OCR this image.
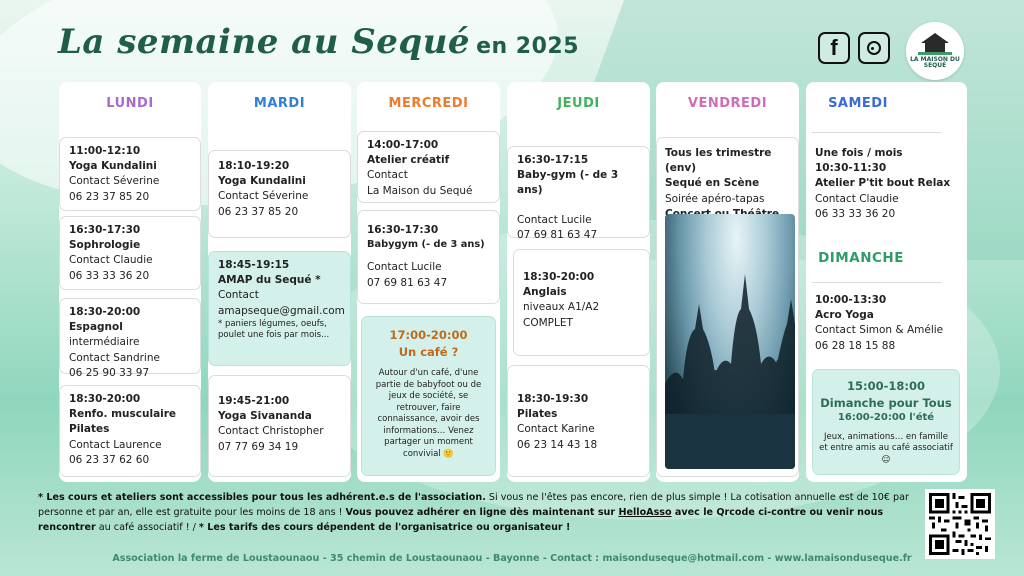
La semaine au Sequé en 2025	f	LA MAISON DU SEQUÉ
LUNDI	MARDI	MERCREDI	JEUDI	VENDREDI	SAMEDI
11:00-12:10
Yoga Kundalini
Contact Séverine
06 23 37 85 20
16:30-17:30
Sophrologie
Contact Claudie
06 33 33 36 20
18:30-20:00
Espagnol intermédiaire
Contact Sandrine
06 25 90 33 97
18:30-20:00
Renfo. musculaire
Pilates
Contact Laurence
06 23 37 62 60
18:10-19:20
Yoga Kundalini
Contact Séverine
06 23 37 85 20
18:45-19:15
AMAP du Sequé *
Contact
amapseque@gmail.com
* paniers légumes, oeufs, poulet une fois par mois...
19:45-21:00
Yoga Sivananda
Contact Christopher
07 77 69 34 19
14:00-17:00
Atelier créatif
Contact
La Maison du Sequé
16:30-17:30
Babygym (- de 3 ans)
Contact Lucile
07 69 81 63 47
17:00-20:00
Un café ?
Autour d'un café, d'une partie de babyfoot ou de jeux de société, se retrouver, faire connaissance, avoir des informations… Venez partager un moment convivial 🙂
16:30-17:15
Baby-gym (- de 3 ans)
Contact Lucile
07 69 81 63 47
18:30-20:00
Anglais
niveaux A1/A2
COMPLET
18:30-19:30
Pilates
Contact Karine
06 23 14 43 18
Tous les trimestre (env)
Sequé en Scène
Soirée apéro-tapas
Une fois / mois
10:30-11:30
Atelier P'tit bout Relax
Contact Claudie
06 33 33 36 20
DIMANCHE
10:00-13:30
Acro Yoga
Contact Simon & Amélie
06 28 18 15 88
15:00-18:00
Dimanche pour Tous
16:00-20:00 l'été
Jeux, animations… en famille et entre amis au café associatif ☺
* Les cours et ateliers sont accessibles pour tous les adhérent.e.s de l'association. Si vous ne l'êtes pas encore, rien de plus simple ! La cotisation annuelle est de 10€ par personne et par an, elle est gratuite pour les moins de 18 ans ! Vous pouvez adhérer en ligne dès maintenant sur HelloAsso avec le Qrcode ci-contre ou venir nous rencontrer au café associatif ! / * Les tarifs des cours dépendent de l'organisatrice ou organisateur !
Association la ferme de Loustaounaou - 35 chemin de Loustaounaou - Bayonne - Contact : maisonduseque@hotmail.com - www.lamaisonduseque.fr
